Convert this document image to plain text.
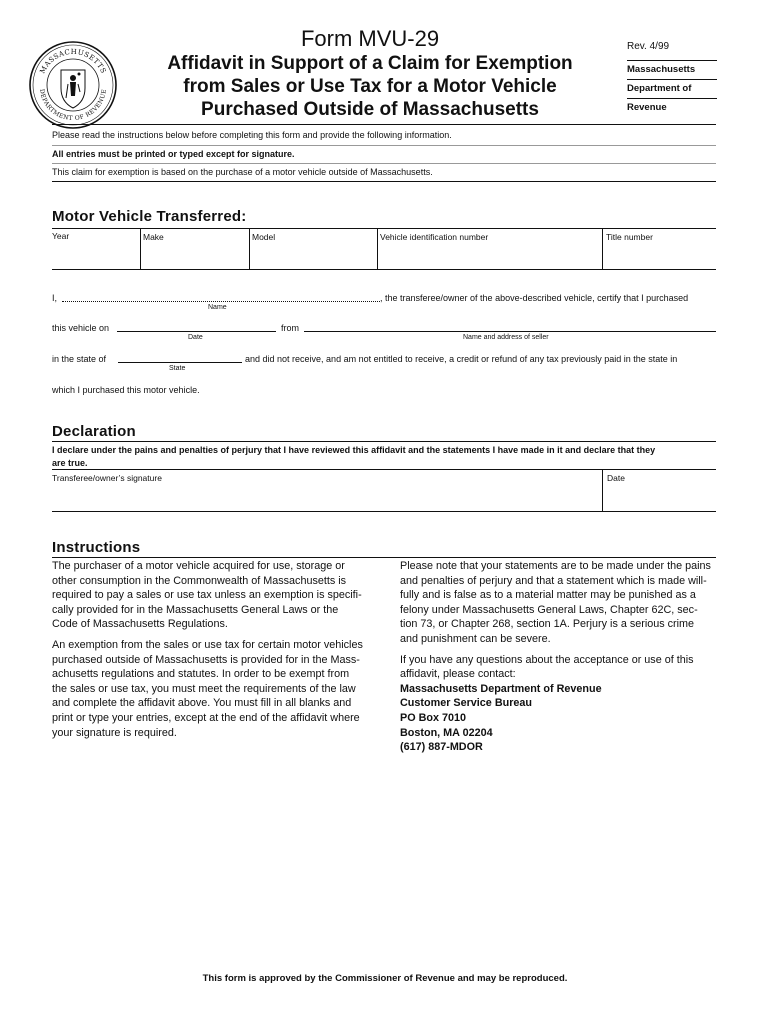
MASSACHUSETTS
DEPARTMENT OF REVENUE
Form MVU-29
Affidavit in Support of a Claim for Exemption
from Sales or Use Tax for a Motor Vehicle
Purchased Outside of Massachusetts
Rev. 4/99
Massachusetts
Department of
Revenue
Please read the instructions below before completing this form and provide the following information.
All entries must be printed or typed except for signature.
This claim for exemption is based on the purchase of a motor vehicle outside of Massachusetts.
Motor Vehicle Transferred:
Year	Make	Model	Vehicle identification number	Title number
I,
Name
, the transferee/owner of the above-described vehicle, certify that I purchased
this vehicle on
Date
from
Name and address of seller
in the state of
State
and did not receive, and am not entitled to receive, a credit or refund of any tax previously paid in the state in
which I purchased this motor vehicle.
Declaration
I declare under the pains and penalties of perjury that I have reviewed this affidavit and the statements I have made in it and declare that they
are true.
Transferee/owner’s signature	Date
Instructions
The purchaser of a motor vehicle acquired for use, storage or
other consumption in the Commonwealth of Massachusetts is
required to pay a sales or use tax unless an exemption is specifi-
cally provided for in the Massachusetts General Laws or the
Code of Massachusetts Regulations.
An exemption from the sales or use tax for certain motor vehicles
purchased outside of Massachusetts is provided for in the Mass-
achusetts regulations and statutes. In order to be exempt from
the sales or use tax, you must meet the requirements of the law
and complete the affidavit above. You must fill in all blanks and
print or type your entries, except at the end of the affidavit where
your signature is required.
Please note that your statements are to be made under the pains
and penalties of perjury and that a statement which is made will-
fully and is false as to a material matter may be punished as a
felony under Massachusetts General Laws, Chapter 62C, sec-
tion 73, or Chapter 268, section 1A. Perjury is a serious crime
and punishment can be severe.
If you have any questions about the acceptance or use of this
affidavit, please contact:
Massachusetts Department of Revenue
Customer Service Bureau
PO Box 7010
Boston, MA 02204
(617) 887-MDOR
This form is approved by the Commissioner of Revenue and may be reproduced.
